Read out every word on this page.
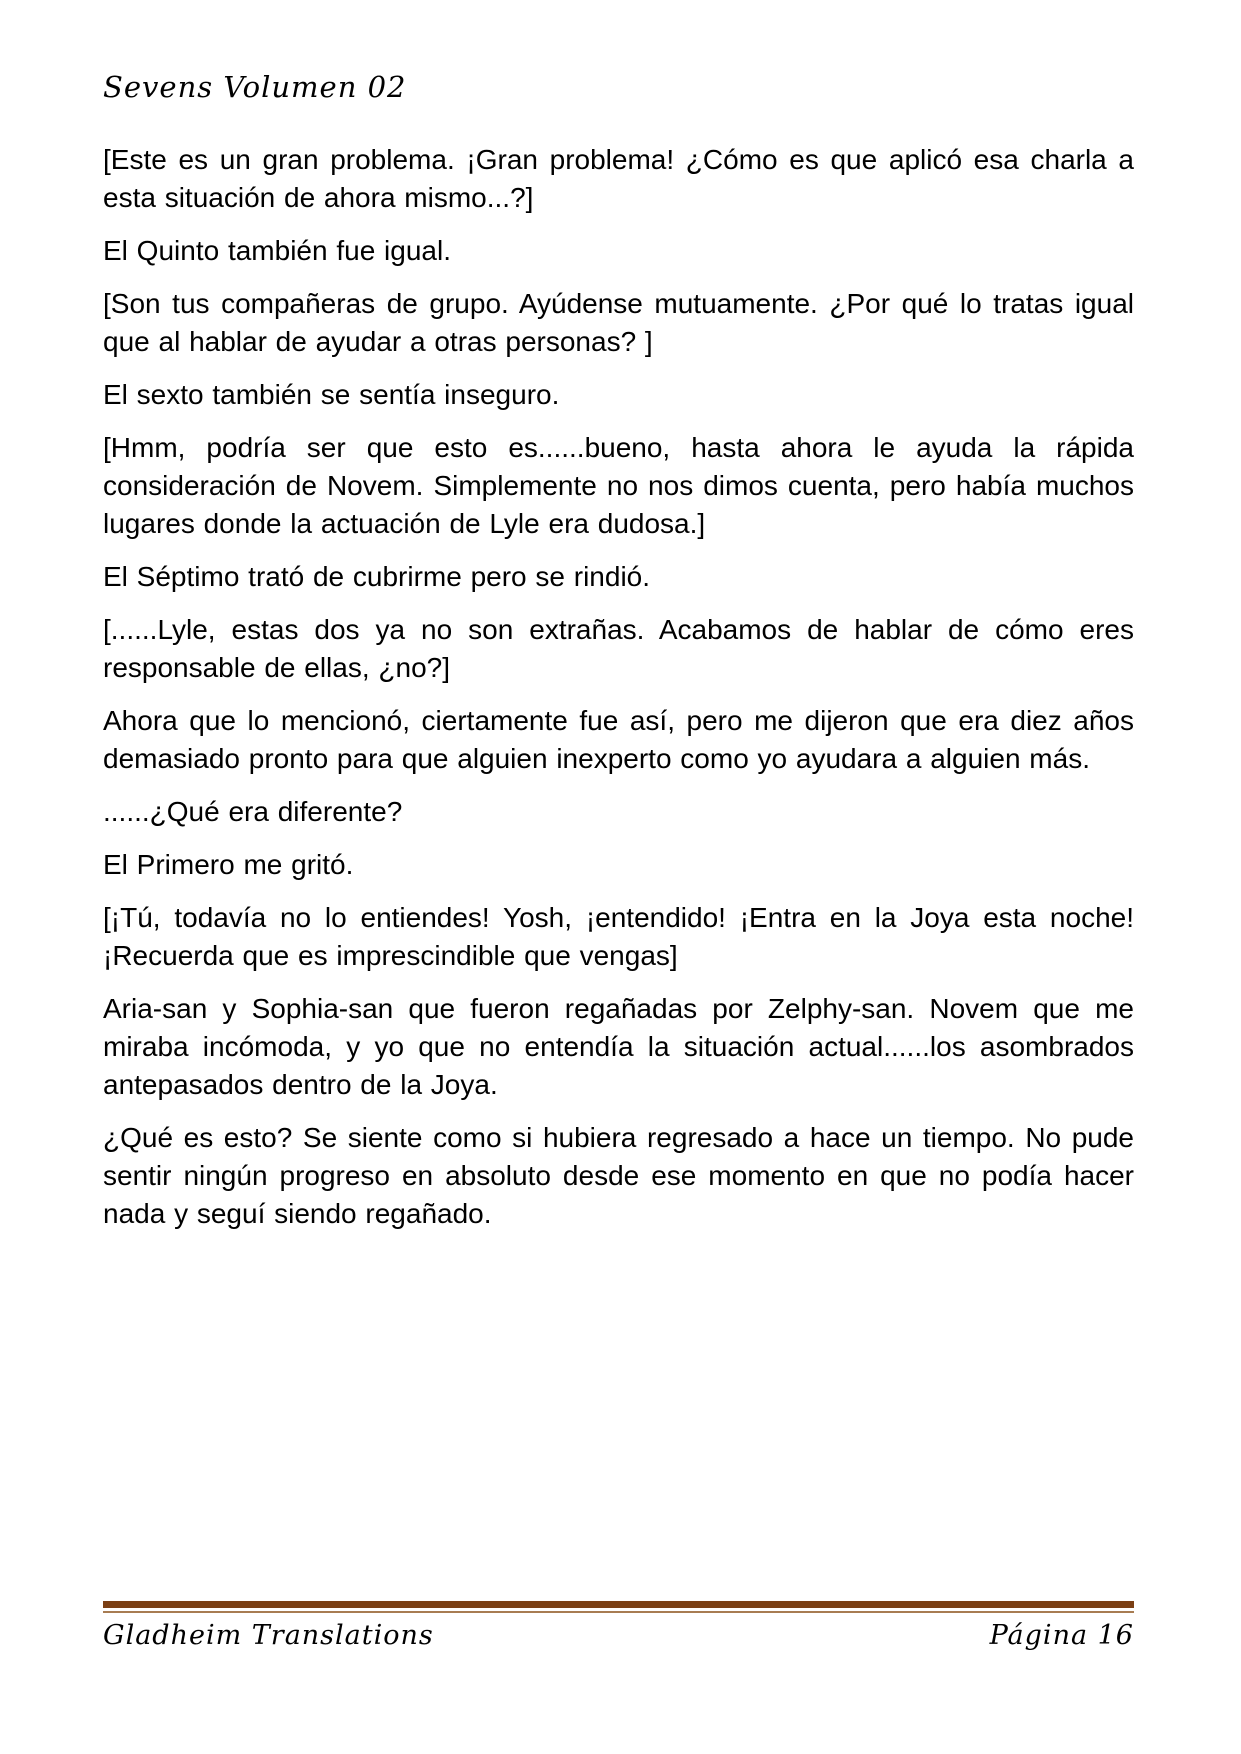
Sevens Volumen 02

[Este es un gran problema. ¡Gran problema! ¿Cómo es que aplicó esa charla a esta situación de ahora mismo...?]

El Quinto también fue igual.

[Son tus compañeras de grupo. Ayúdense mutuamente. ¿Por qué lo tratas igual que al hablar de ayudar a otras personas? ]

El sexto también se sentía inseguro.

[Hmm, podría ser que esto es......bueno, hasta ahora le ayuda la rápida consideración de Novem. Simplemente no nos dimos cuenta, pero había muchos lugares donde la actuación de Lyle era dudosa.]

El Séptimo trató de cubrirme pero se rindió.

[......Lyle, estas dos ya no son extrañas. Acabamos de hablar de cómo eres responsable de ellas, ¿no?]

Ahora que lo mencionó, ciertamente fue así, pero me dijeron que era diez años demasiado pronto para que alguien inexperto como yo ayudara a alguien más.

......¿Qué era diferente?

El Primero me gritó.

[¡Tú, todavía no lo entiendes! Yosh, ¡entendido! ¡Entra en la Joya esta noche! ¡Recuerda que es imprescindible que vengas]

Aria-san y Sophia-san que fueron regañadas por Zelphy-san. Novem que me miraba incómoda, y yo que no entendía la situación actual......los asombrados antepasados dentro de la Joya.

¿Qué es esto? Se siente como si hubiera regresado a hace un tiempo. No pude sentir ningún progreso en absoluto desde ese momento en que no podía hacer nada y seguí siendo regañado.

Gladheim Translations	Página 16
